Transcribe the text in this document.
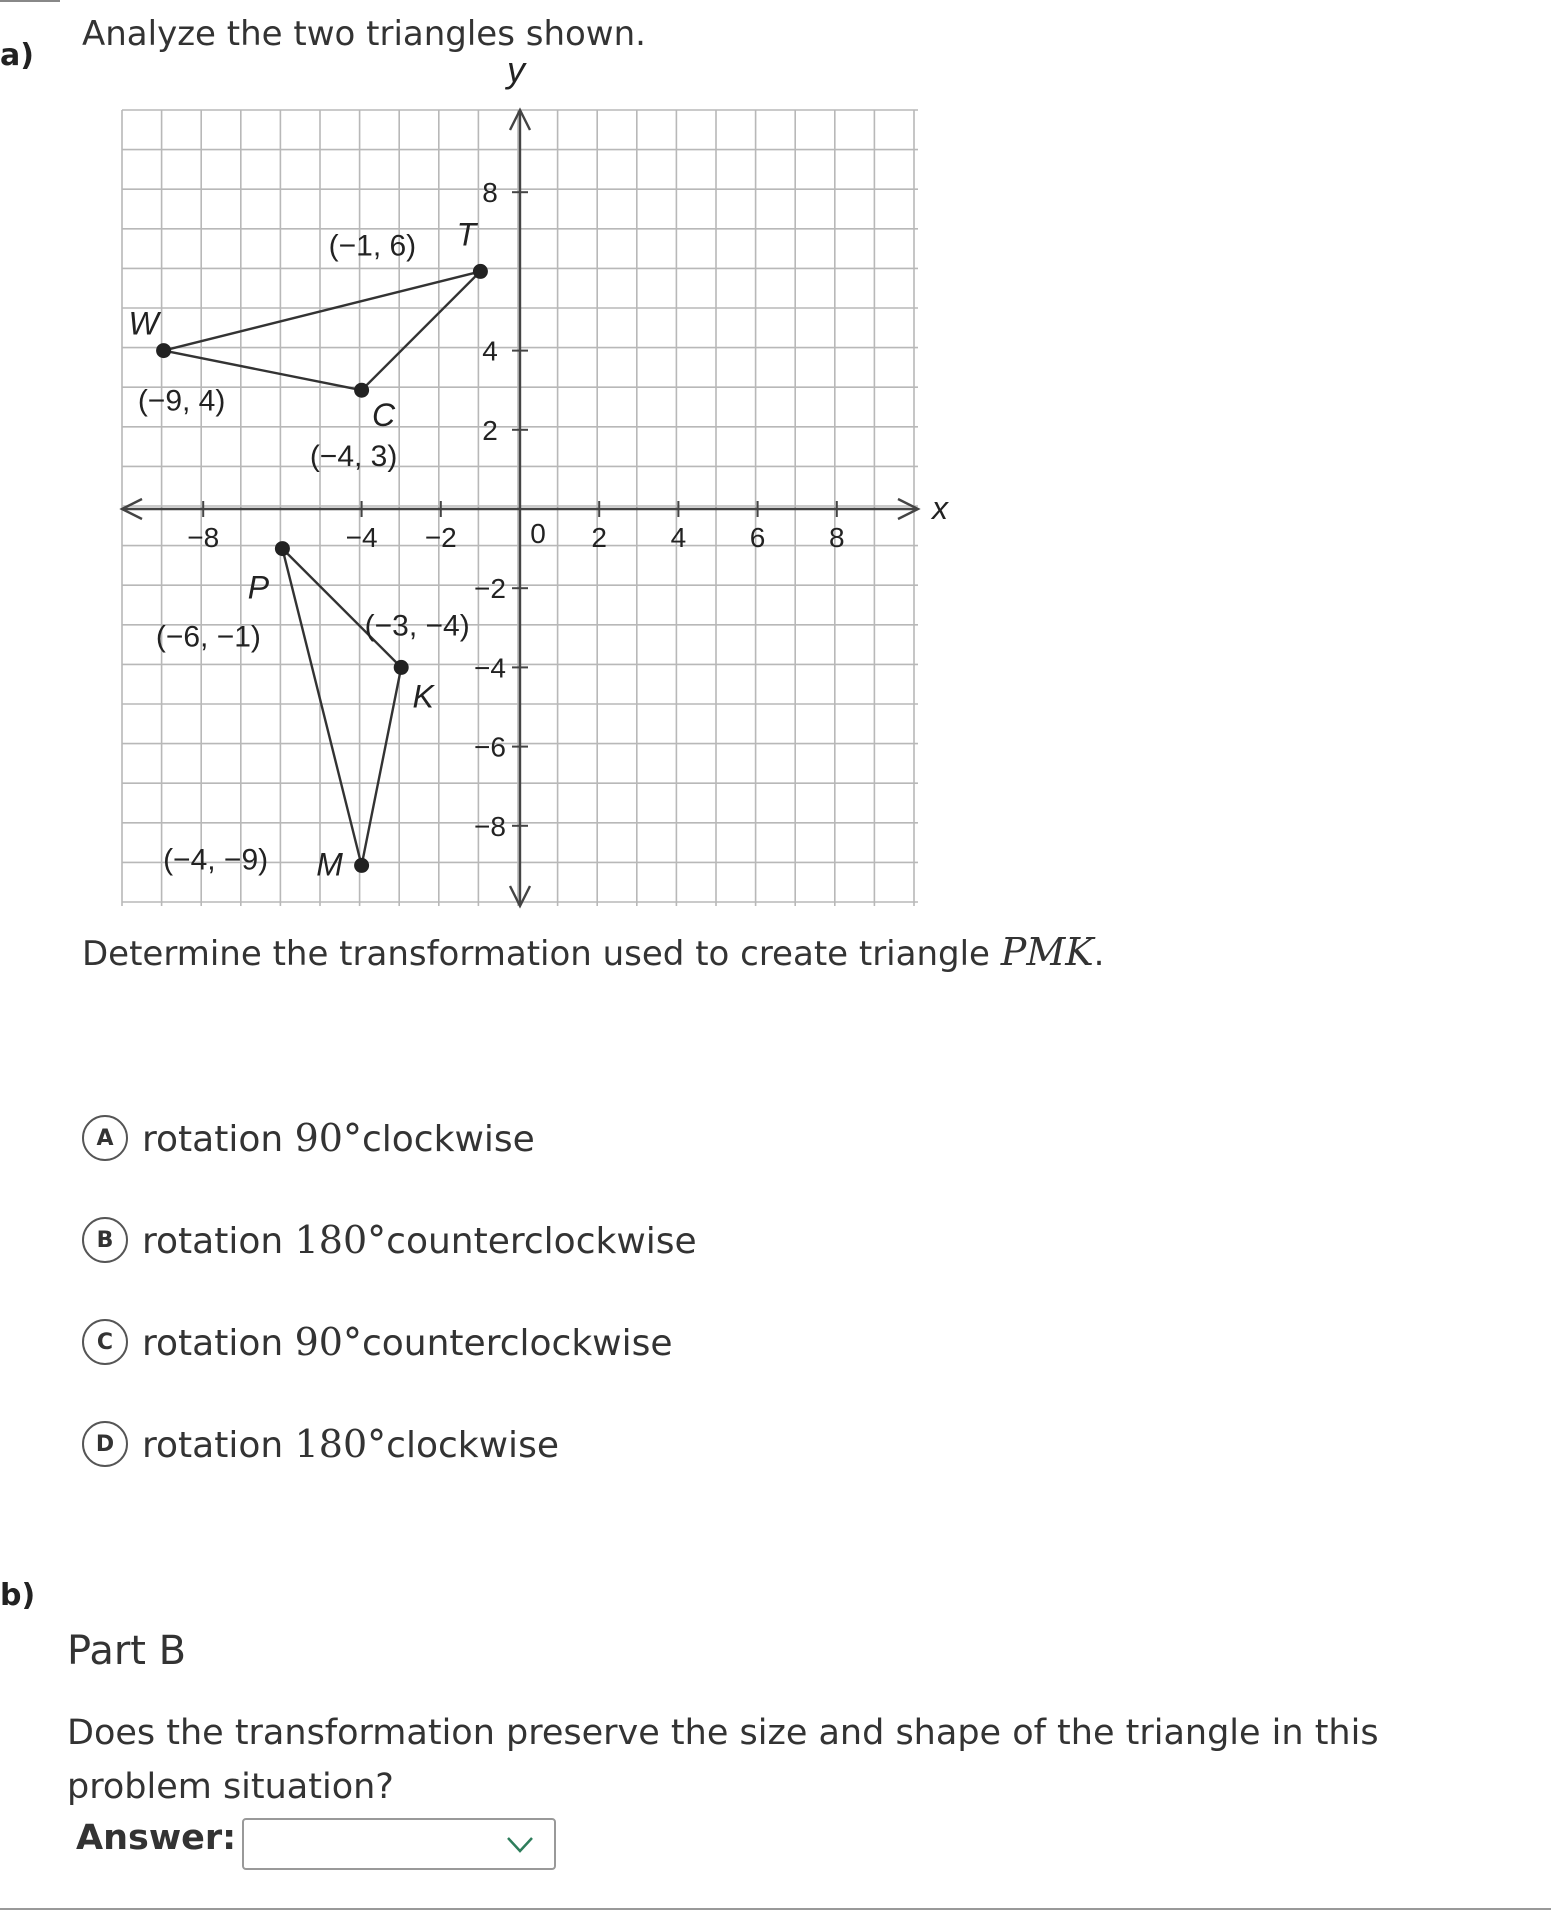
a)
Analyze the two triangles shown.
x
y
−8	−4 −2	2 4 6 8
8
4
2
−2
−4
−6
−8
0
T
(−1, 6)
W
(−9, 4)	C
(−4, 3)
P
(−6, −1)
K
(−3, −4)
M
(−4, −9)
Determine the transformation used to create triangle PMK.
A rotation 90°clockwise
B rotation 180°counterclockwise
C rotation 90°counterclockwise
D rotation 180°clockwise
b)
Part B
Does the transformation preserve the size and shape of the triangle in this problem situation?
Answer:
